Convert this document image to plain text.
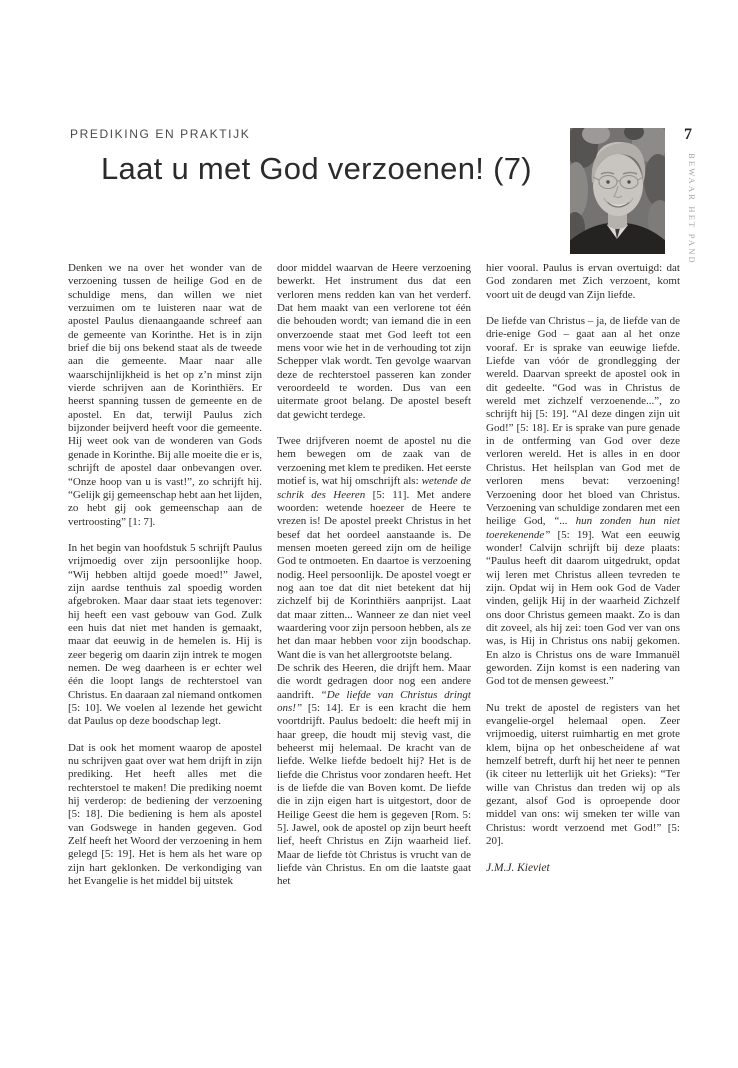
PREDIKING EN PRAKTIJK
Laat u met God verzoenen! (7)
7
BEWAAR HET PAND

Denken we na over het wonder van de verzoening tussen de heilige God en de schuldige mens, dan willen we niet verzuimen om te luisteren naar wat de apostel Paulus dienaangaande schreef aan de gemeente van Korinthe. Het is in zijn brief die bij ons bekend staat als de tweede aan die gemeente. Maar naar alle waarschijnlijkheid is het op z’n minst zijn vierde schrijven aan de Korinthiërs. Er heerst spanning tussen de gemeente en de apostel. En dat, terwijl Paulus zich bijzonder beijverd heeft voor die gemeente. Hij weet ook van de wonderen van Gods genade in Korinthe. Bij alle moeite die er is, schrijft de apostel daar onbevangen over. “Onze hoop van u is vast!”, zo schrijft hij. “Gelijk gij gemeenschap hebt aan het lijden, zo hebt gij ook gemeenschap aan de vertroosting” [1: 7].

In het begin van hoofdstuk 5 schrijft Paulus vrijmoedig over zijn persoonlijke hoop. “Wij hebben altijd goede moed!” Jawel, zijn aardse tenthuis zal spoedig worden afgebroken. Maar daar staat iets tegenover: hij heeft een vast gebouw van God. Zulk een huis dat niet met handen is gemaakt, maar dat eeuwig in de hemelen is. Hij is zeer begerig om daarin zijn intrek te mogen nemen. De weg daarheen is er echter wel één die loopt langs de rechterstoel van Christus. En daaraan zal niemand ontkomen [5: 10]. We voelen al lezende het gewicht dat Paulus op deze boodschap legt.

Dat is ook het moment waarop de apostel nu schrijven gaat over wat hem drijft in zijn prediking. Het heeft alles met die rechterstoel te maken! Die prediking noemt hij verderop: de bediening der verzoening [5: 18]. Die bediening is hem als apostel van Godswege in handen gegeven. God Zelf heeft het Woord der verzoening in hem gelegd [5: 19]. Het is hem als het ware op zijn hart geklonken. De verkondiging van het Evangelie is het middel bij uitstek

door middel waarvan de Heere verzoening bewerkt. Het instrument dus dat een verloren mens redden kan van het verderf. Dat hem maakt van een verlorene tot één die behouden wordt; van iemand die in een onverzoende staat met God leeft tot een mens voor wie het in de verhouding tot zijn Schepper vlak wordt. Ten gevolge waarvan deze de rechterstoel passeren kan zonder veroordeeld te worden. Dus van een uitermate groot belang. De apostel beseft dat gewicht terdege.

Twee drijfveren noemt de apostel nu die hem bewegen om de zaak van de verzoening met klem te prediken. Het eerste motief is, wat hij omschrijft als: wetende de schrik des Heeren [5: 11]. Met andere woorden: wetende hoezeer de Heere te vrezen is! De apostel preekt Christus in het besef dat het oordeel aanstaande is. De mensen moeten gereed zijn om de heilige God te ontmoeten. En daartoe is verzoening nodig. Heel persoonlijk. De apostel voegt er nog aan toe dat dit niet betekent dat hij zichzelf bij de Korinthiërs aanprijst. Laat dat maar zitten... Wanneer ze dan niet veel waardering voor zijn persoon hebben, als ze het dan maar hebben voor zijn boodschap. Want die is van het allergrootste belang.

De schrik des Heeren, die drijft hem. Maar die wordt gedragen door nog een andere aandrift. “De liefde van Christus dringt ons!” [5: 14]. Er is een kracht die hem voortdrijft. Paulus bedoelt: die heeft mij in haar greep, die houdt mij stevig vast, die beheerst mij helemaal. De kracht van de liefde. Welke liefde bedoelt hij? Het is de liefde die Christus voor zondaren heeft. Het is de liefde die van Boven komt. De liefde die in zijn eigen hart is uitgestort, door de Heilige Geest die hem is gegeven [Rom. 5: 5]. Jawel, ook de apostel op zijn beurt heeft lief, heeft Christus en Zijn waarheid lief. Maar de liefde tòt Christus is vrucht van de liefde vàn Christus. En om die laatste gaat het

hier vooral. Paulus is ervan overtuigd: dat God zondaren met Zich verzoent, komt voort uit de deugd van Zijn liefde.

De liefde van Christus – ja, de liefde van de drie-enige God – gaat aan al het onze vooraf. Er is sprake van eeuwige liefde. Liefde van vóór de grondlegging der wereld. Daarvan spreekt de apostel ook in dit gedeelte. “God was in Christus de wereld met zichzelf verzoenende...”, zo schrijft hij [5: 19]. “Al deze dingen zijn uit God!” [5: 18]. Er is sprake van pure genade in de ontferming van God over deze verloren wereld. Het is alles in en door Christus. Het heilsplan van God met de verloren mens bevat: verzoening! Verzoening door het bloed van Christus. Verzoening van schuldige zondaren met een heilige God, “... hun zonden hun niet toerekenende” [5: 19]. Wat een eeuwig wonder! Calvijn schrijft bij deze plaats: “Paulus heeft dit daarom uitgedrukt, opdat wij leren met Christus alleen tevreden te zijn. Opdat wij in Hem ook God de Vader vinden, gelijk Hij in der waarheid Zichzelf ons door Christus gemeen maakt. Zo is dan dit zoveel, als hij zei: toen God ver van ons was, is Hij in Christus ons nabij gekomen. En alzo is Christus ons de ware Immanuël geworden. Zijn komst is een nadering van God tot de mensen geweest.”

Nu trekt de apostel de registers van het evangelie-orgel helemaal open. Zeer vrijmoedig, uiterst ruimhartig en met grote klem, bijna op het onbescheidene af wat hemzelf betreft, durft hij het neer te pennen (ik citeer nu letterlijk uit het Grieks): “Ter wille van Christus dan treden wij op als gezant, alsof God is oproepende door middel van ons: wij smeken ter wille van Christus: wordt verzoend met God!” [5: 20].

J.M.J. Kieviet
